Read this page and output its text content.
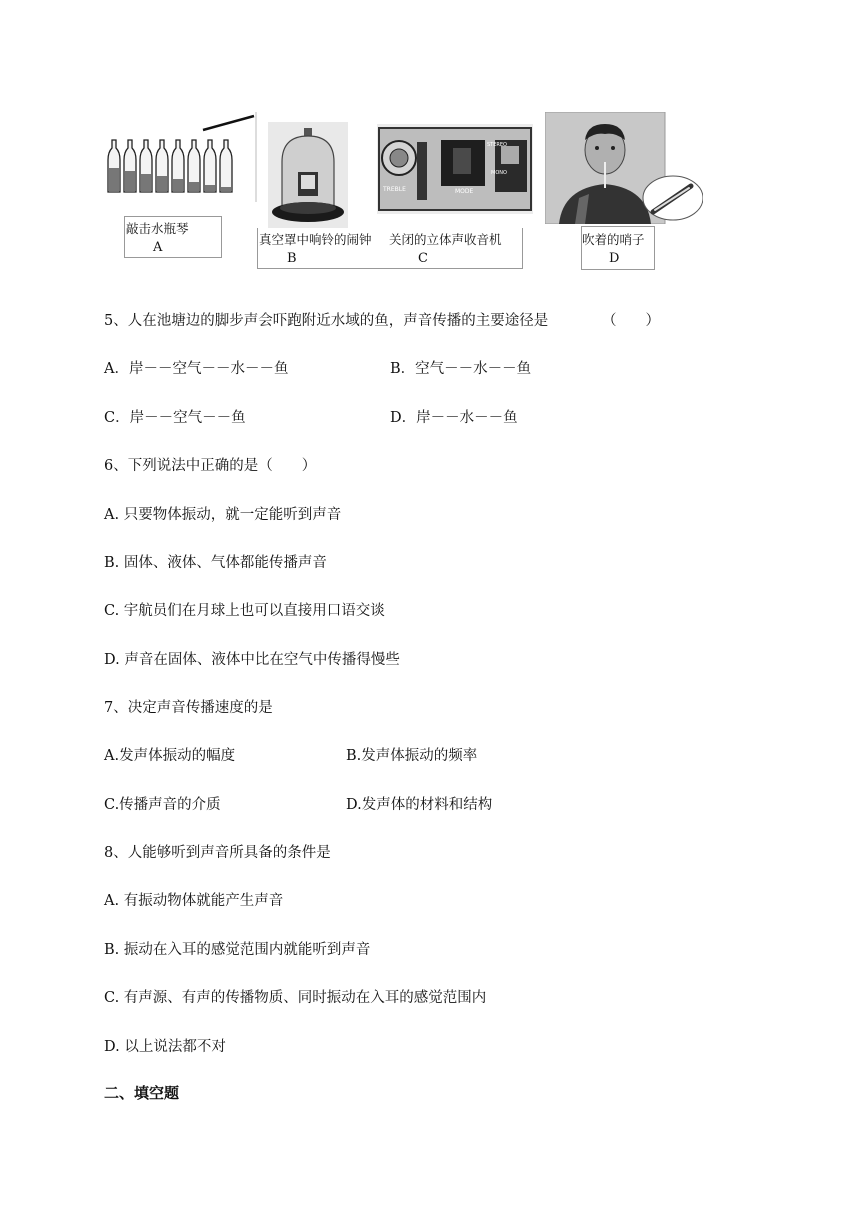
敲击水瓶琴
A
TREBLE	MODE
STEREO
MONO
真空罩中响铃的闹钟
B
关闭的立体声收音机
C
吹着的哨子
D
5、人在池塘边的脚步声会吓跑附近水域的鱼，声音传播的主要途径是	（　　）
A．岸－－空气－－水－－鱼	B．空气－－水－－鱼
C．岸－－空气－－鱼	D．岸－－水－－鱼
6、下列说法中正确的是（　　）
A. 只要物体振动，就一定能听到声音
B. 固体、液体、气体都能传播声音
C. 宇航员们在月球上也可以直接用口语交谈
D. 声音在固体、液体中比在空气中传播得慢些
7、决定声音传播速度的是
A.发声体振动的幅度	B.发声体振动的频率
C.传播声音的介质	D.发声体的材料和结构
8、人能够听到声音所具备的条件是
A. 有振动物体就能产生声音
B. 振动在入耳的感觉范围内就能听到声音
C. 有声源、有声的传播物质、同时振动在入耳的感觉范围内
D. 以上说法都不对
二、填空题
